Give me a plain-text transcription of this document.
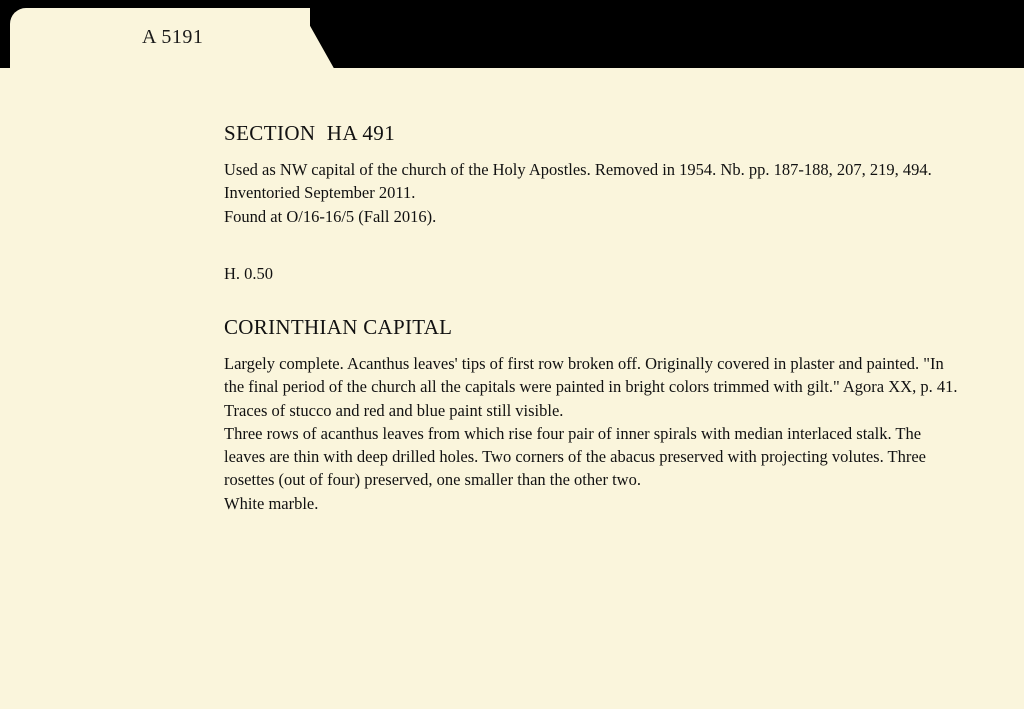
SECTION  HA 491

Used as NW capital of the church of the Holy Apostles. Removed in 1954. Nb. pp. 187-188, 207, 219, 494. Inventoried September 2011.

Found at O/16-16/5 (Fall 2016).

H. 0.50

CORINTHIAN CAPITAL

Largely complete. Acanthus leaves' tips of first row broken off. Originally covered in plaster and painted. "In the final period of the church all the capitals were painted in bright colors trimmed with gilt." Agora XX, p. 41. Traces of stucco and red and blue paint still visible.

Three rows of acanthus leaves from which rise four pair of inner spirals with median interlaced stalk. The leaves are thin with deep drilled holes. Two corners of the abacus preserved with projecting volutes. Three rosettes (out of four) preserved, one smaller than the other two.

White marble.

A 5191
